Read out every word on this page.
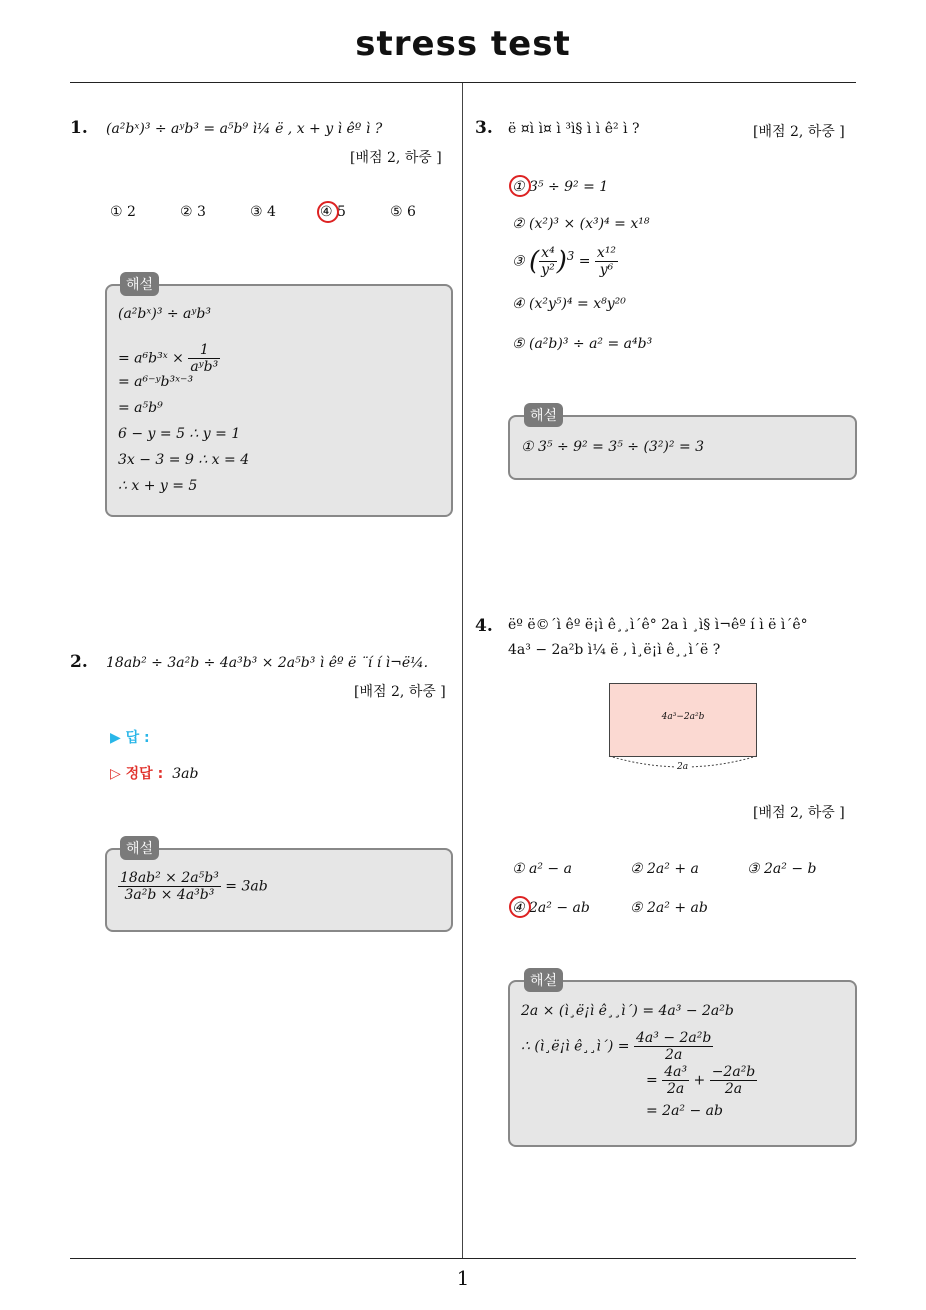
stress test
1
1. (a²bˣ)³ ÷ aʸb³ = a⁵b⁹ ì¼ ë , x + y ì êº ì ?
[배점 2, 하중 ]
① 2	② 3	③ 4	④ 5	⑤ 6
해설
(a²bˣ)³ ÷ aʸb³
= a⁶b³ˣ × $\frac{1}{\text{aʸb³}}$
= a⁶⁻ʸb³ˣ⁻³
= a⁵b⁹
6 − y = 5 ∴ y = 1
3x − 3 = 9 ∴ x = 4
∴ x + y = 5
2. 18ab² ÷ 3a²b ÷ 4a³b³ × 2a⁵b³ ì êº ë ¨í í ì¬ë¼.
[배점 2, 하중 ]
▶ 답 :
▷ 정답 : 3ab
해설
$\frac{\text{18ab² × 2a⁵b³}}{\text{3a²b × 4a³b³}} = 3ab$
3. ë ¤ì ì¤ ì ³ì§ ì ì ê² ì ?	[배점 2, 하중 ]
① 3⁵ ÷ 9² = 1
② (x²)³ × (x³)⁴ = x¹⁸
③ ( $\frac{\text{x⁴}}{\text{y²}} )^3 = \frac{\text{x¹²}}{\text{y⁶}}$
④ (x²y⁵)⁴ = x⁸y²⁰
⑤ (a²b)³ ÷ a² = a⁴b³
해설
① 3⁵ ÷ 9² = 3⁵ ÷ (3²)² = 3
4. ëº ë©´ì êº ë¡ì ê¸¸ì´ê° 2a ì ¸ì§ ì¬êº í ì ë ì´ê°
4a³ − 2a²b ì¼ ë , ì¸ë¡ì ê¸¸ì´ë ?
4a³−2a²b
2a
[배점 2, 하중 ]
① a² − a	② 2a² + a	③ 2a² − b
④ 2a² − ab	⑤ 2a² + ab
해설
2a × (ì¸ë¡ì ê¸¸ì´) = 4a³ − 2a²b
∴ (ì¸ë¡ì ê¸¸ì´) = $\frac{\text{4a³ − 2a²b}}{2a}$
= $\frac{\text{4a³}}{2a} + \frac{\text{−2a²b}}{2a}$
= 2a² − ab
